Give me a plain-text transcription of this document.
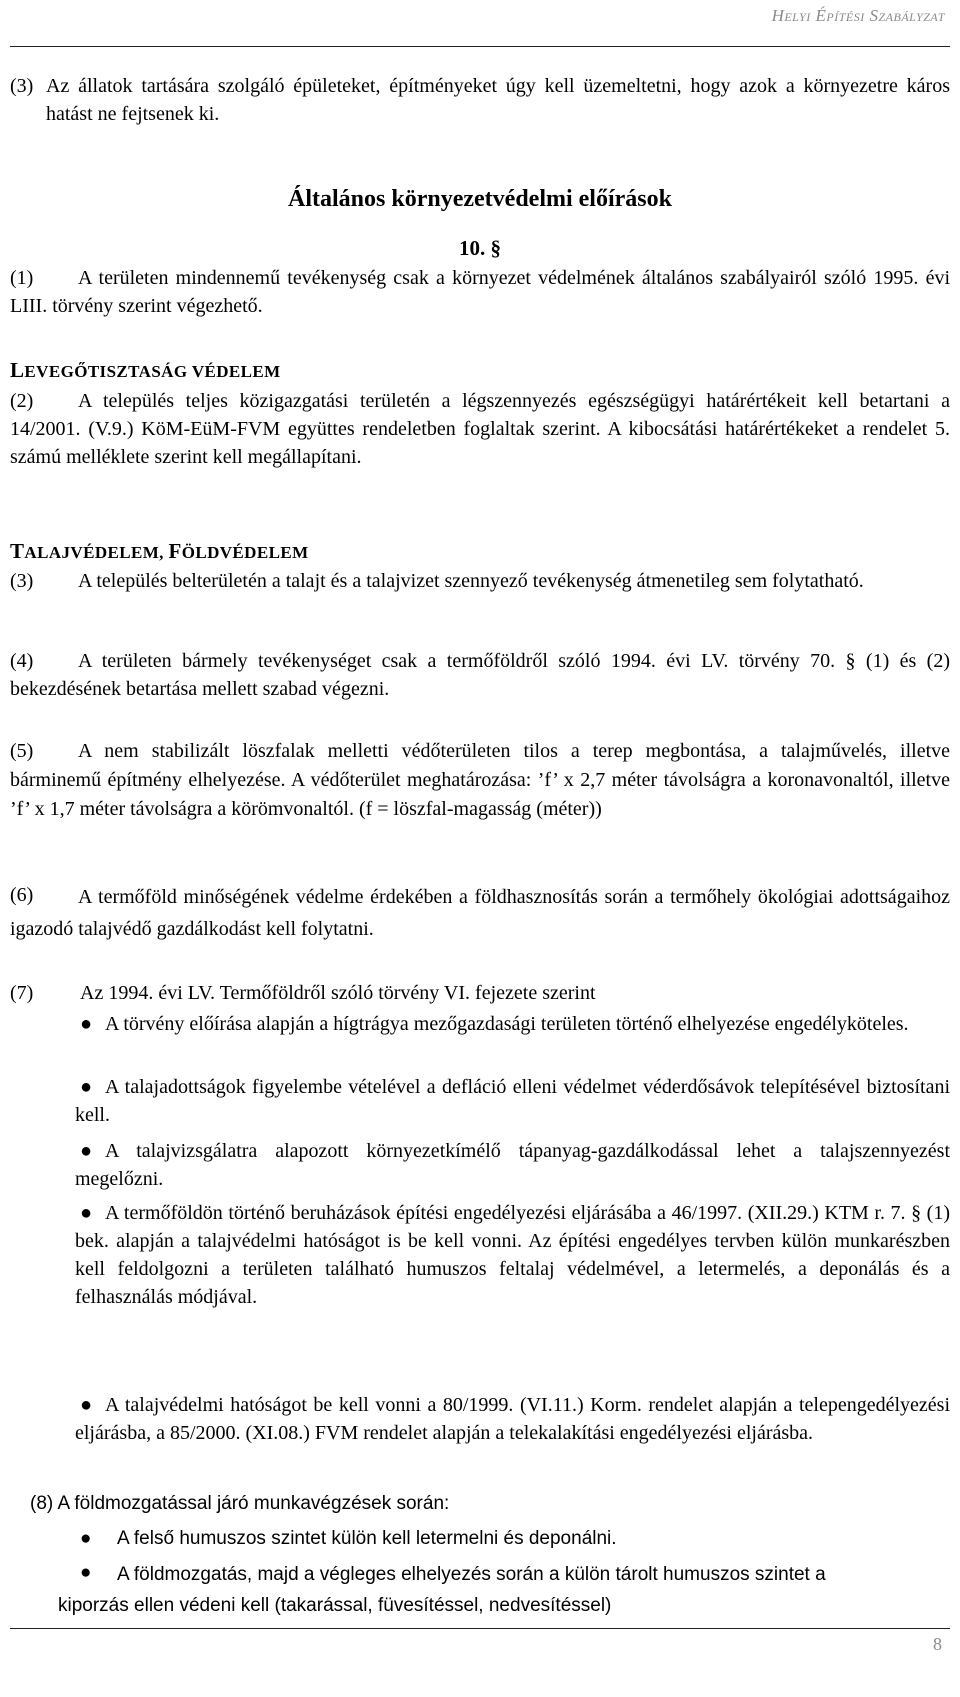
Helyi Építési Szabályzat
(3) Az állatok tartására szolgáló épületeket, építményeket úgy kell üzemeltetni, hogy azok a környezetre káros hatást ne fejtsenek ki.
Általános környezetvédelmi előírások
10. §
(1)	A területen mindennemű tevékenység csak a környezet védelmének általános szabályairól szóló 1995. évi LIII. törvény szerint végezhető.
LEVEGŐTISZTASÁG VÉDELEM
(2)	A település teljes közigazgatási területén a légszennyezés egészségügyi határértékeit kell betartani a 14/2001. (V.9.) KöM-EüM-FVM együttes rendeletben foglaltak szerint. A kibocsátási határértékeket a rendelet 5. számú melléklete szerint kell megállapítani.
TALAJVÉDELEM, FÖLDVÉDELEM
(3)	A település belterületén a talajt és a talajvizet szennyező tevékenység átmenetileg sem folytatható.
(4)	A területen bármely tevékenységet csak a termőföldről szóló 1994. évi LV. törvény 70. § (1) és (2) bekezdésének betartása mellett szabad végezni.
(5)	A nem stabilizált löszfalak melletti védőterületen tilos a terep megbontása, a talajművelés, illetve bárminemű építmény elhelyezése. A védőterület meghatározása: ’f’ x 2,7 méter távolságra a koronavonaltól, illetve ’f’ x 1,7 méter távolságra a körömvonaltól. (f = löszfal-magasság (méter))
(6)	A termőföld minőségének védelme érdekében a földhasznosítás során a termőhely ökológiai adottságaihoz igazodó talajvédő gazdálkodást kell folytatni.
(7) Az 1994. évi LV. Termőföldről szóló törvény VI. fejezete szerint
● A törvény előírása alapján a hígtrágya mezőgazdasági területen történő elhelyezése engedélyköteles.
● A talajadottságok figyelembe vételével a defláció elleni védelmet véderdősávok telepítésével biztosítani kell.
● A talajvizsgálatra alapozott környezetkímélő tápanyag-gazdálkodással lehet a talajszennyezést megelőzni.
● A termőföldön történő beruházások építési engedélyezési eljárásába a 46/1997. (XII.29.) KTM r. 7. § (1) bek. alapján a talajvédelmi hatóságot is be kell vonni. Az építési engedélyes tervben külön munkarészben kell feldolgozni a területen található humuszos feltalaj védelmével, a letermelés, a deponálás és a felhasználás módjával.
● A talajvédelmi hatóságot be kell vonni a 80/1999. (VI.11.) Korm. rendelet alapján a telepengedélyezési eljárásba, a 85/2000. (XI.08.) FVM rendelet alapján a telekalakítási engedélyezési eljárásba.
(8) A földmozgatással járó munkavégzések során:
●	A felső humuszos szintet külön kell letermelni és deponálni.
●	A földmozgatás, majd a végleges elhelyezés során a külön tárolt humuszos szintet a kiporzás ellen védeni kell (takarással, füvesítéssel, nedvesítéssel)
8
